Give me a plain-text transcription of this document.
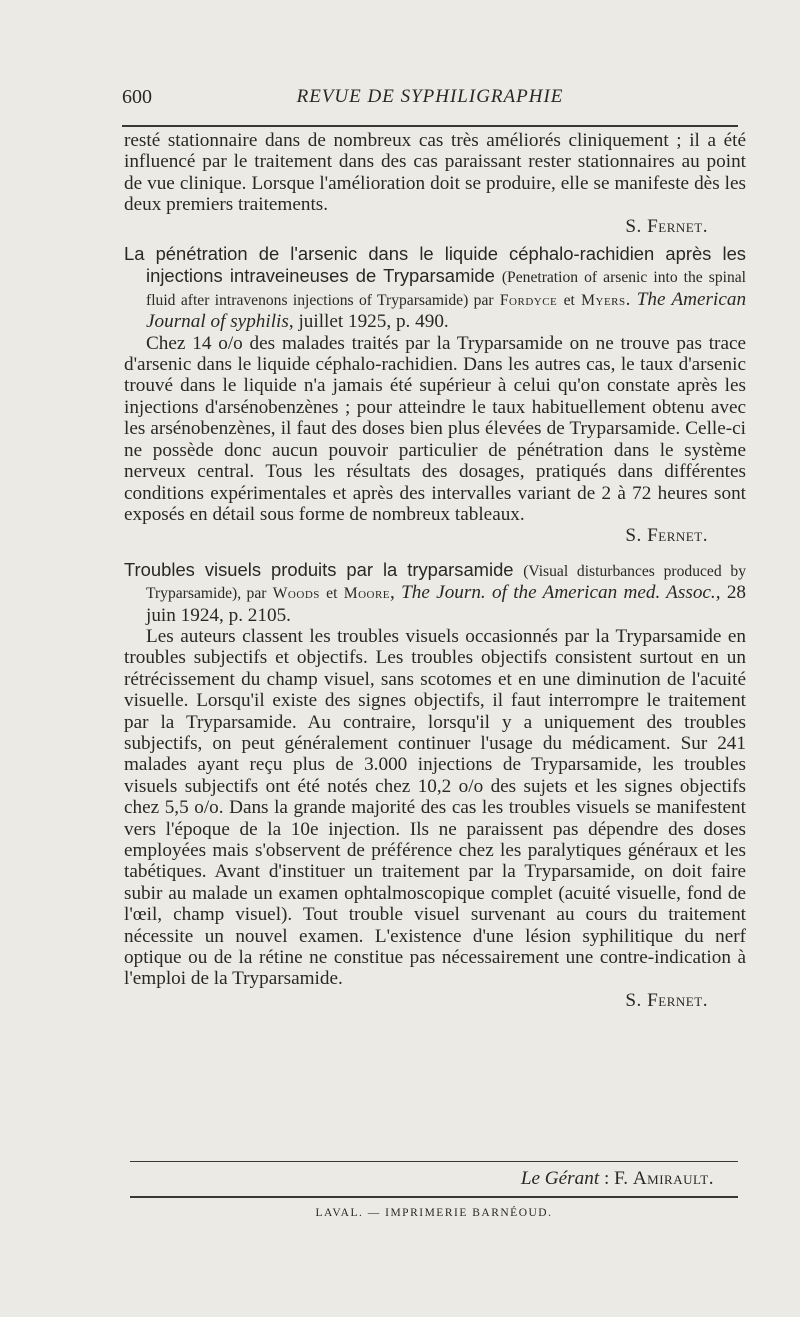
600	REVUE DE SYPHILIGRAPHIE

resté stationnaire dans de nombreux cas très améliorés cliniquement ; il a été influencé par le traitement dans des cas paraissant rester stationnaires au point de vue clinique. Lorsque l'amélioration doit se produire, elle se manifeste dès les deux premiers traitements.

S. Fernet.

La pénétration de l'arsenic dans le liquide céphalo-rachidien après les injections intraveineuses de Tryparsamide (Penetration of arsenic into the spinal fluid after intravenons injections of Tryparsamide) par Fordyce et Myers. The American Journal of syphilis, juillet 1925, p. 490.

Chez 14 o/o des malades traités par la Tryparsamide on ne trouve pas trace d'arsenic dans le liquide céphalo-rachidien. Dans les autres cas, le taux d'arsenic trouvé dans le liquide n'a jamais été supérieur à celui qu'on constate après les injections d'arsénobenzènes ; pour atteindre le taux habituellement obtenu avec les arsénobenzènes, il faut des doses bien plus élevées de Tryparsamide. Celle-ci ne possède donc aucun pouvoir particulier de pénétration dans le système nerveux central. Tous les résultats des dosages, pratiqués dans différentes conditions expérimentales et après des intervalles variant de 2 à 72 heures sont exposés en détail sous forme de nombreux tableaux.

S. Fernet.

Troubles visuels produits par la tryparsamide (Visual disturbances produced by Tryparsamide), par Woods et Moore, The Journ. of the American med. Assoc., 28 juin 1924, p. 2105.

Les auteurs classent les troubles visuels occasionnés par la Tryparsamide en troubles subjectifs et objectifs. Les troubles objectifs consistent surtout en un rétrécissement du champ visuel, sans scotomes et en une diminution de l'acuité visuelle. Lorsqu'il existe des signes objectifs, il faut interrompre le traitement par la Tryparsamide. Au contraire, lorsqu'il y a uniquement des troubles subjectifs, on peut généralement continuer l'usage du médicament. Sur 241 malades ayant reçu plus de 3.000 injections de Tryparsamide, les troubles visuels subjectifs ont été notés chez 10,2 o/o des sujets et les signes objectifs chez 5,5 o/o. Dans la grande majorité des cas les troubles visuels se manifestent vers l'époque de la 10e injection. Ils ne paraissent pas dépendre des doses employées mais s'observent de préférence chez les paralytiques généraux et les tabétiques. Avant d'instituer un traitement par la Tryparsamide, on doit faire subir au malade un examen ophtalmoscopique complet (acuité visuelle, fond de l'œil, champ visuel). Tout trouble visuel survenant au cours du traitement nécessite un nouvel examen. L'existence d'une lésion syphilitique du nerf optique ou de la rétine ne constitue pas nécessairement une contre-indication à l'emploi de la Tryparsamide.

S. Fernet.

Le Gérant : F. Amirault.
LAVAL. — IMPRIMERIE BARNÉOUD.
